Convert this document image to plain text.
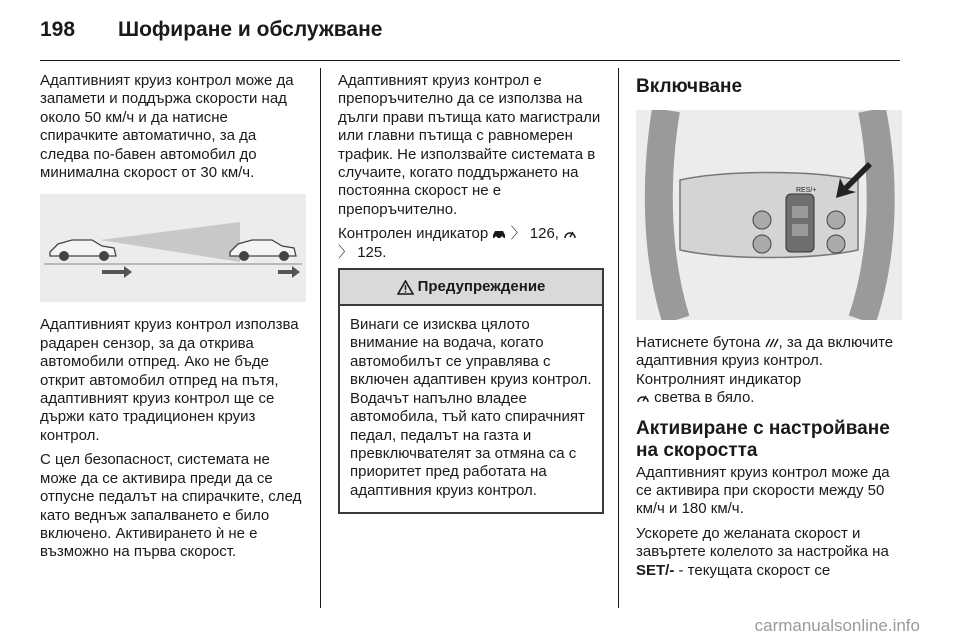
198 Шофиране и обслужване

Адаптивният круиз контрол може да запамети и поддържа скорости над около 50 км/ч и да натисне спирачките автоматично, за да следва по-бавен автомобил до минимална скорост от 30 км/ч.

Адаптивният круиз контрол използва радарен сензор, за да открива автомобили отпред. Ако не бъде открит автомобил отпред на пътя, адаптивният круиз контрол ще се държи като традиционен круиз контрол.

С цел безопасност, системата не може да се активира преди да се отпусне педалът на спирачките, след като веднъж запалването е било включено. Активирането ѝ не е възможно на първа скорост.

Адаптивният круиз контрол е препоръчително да се използва на дълги прави пътища като магистрали или главни пътища с равномерен трафик. Не използвайте системата в случаите, когато поддържането на постоянна скорост не е препоръчително.

Контролен индикатор 〉 126,
〉 125.

Предупреждение
Винаги се изисква цялото внимание на водача, когато автомобилът се управлява с включен адаптивен круиз контрол. Водачът напълно владее автомобила, тъй като спирачният педал, педалът на газта и превключвателят за отмяна са с приоритет пред работата на адаптивния круиз контрол.
Включване
RES/+

Натиснете бутона , за да включите адаптивния круиз контрол. Контролният индикатор
светва в бяло.

Активиране с настройване на скоростта

Адаптивният круиз контрол може да се активира при скорости между 50 км/ч и 180 км/ч.

Ускорете до желаната скорост и завъртете колелото за настройка на SET/- - текущата скорост се

carmanualsonline.info
